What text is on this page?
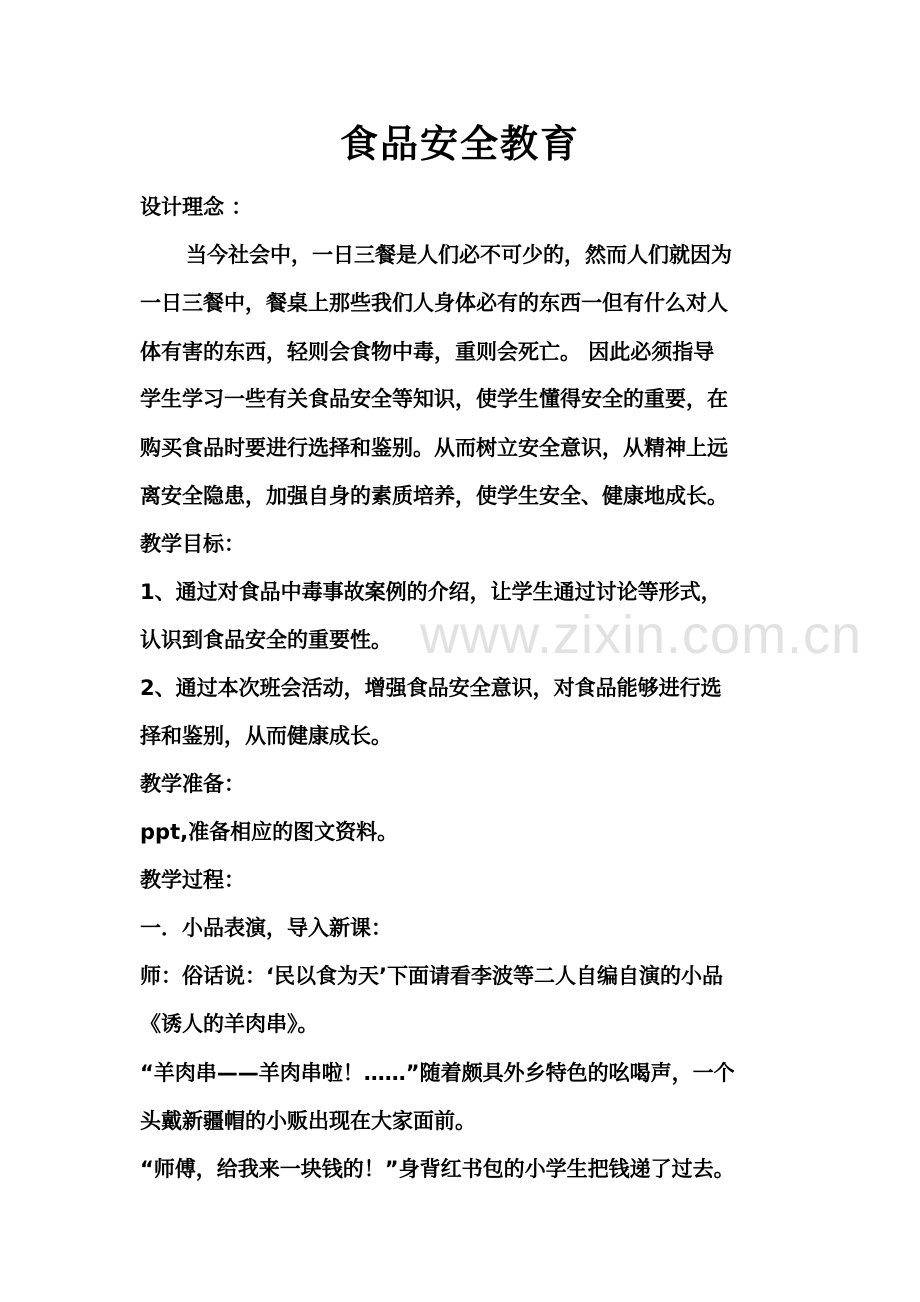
食品安全教育
www.zixin.com.cn
设计理念 ：
当今社会中，一日三餐是人们必不可少的，然而人们就因为
一日三餐中，餐桌上那些我们人身体必有的东西一但有什么对人
体有害的东西，轻则会食物中毒，重则会死亡。 因此必须指导
学生学习一些有关食品安全等知识，使学生懂得安全的重要，在
购买食品时要进行选择和鉴别。从而树立安全意识，从精神上远
离安全隐患，加强自身的素质培养，使学生安全、健康地成长。
教学目标：
1、通过对食品中毒事故案例的介绍，让学生通过讨论等形式，
认识到食品安全的重要性。
2、通过本次班会活动，增强食品安全意识，对食品能够进行选
择和鉴别，从而健康成长。
教学准备：
ppt,准备相应的图文资料。
教学过程：
一．小品表演，导入新课：
师：俗话说：‘民以食为天’下面请看李波等二人自编自演的小品
《诱人的羊肉串》。
“羊肉串——羊肉串啦！……”随着颇具外乡特色的吆喝声，一个
头戴新疆帽的小贩出现在大家面前。
“师傅，给我来一块钱的！”身背红书包的小学生把钱递了过去。
